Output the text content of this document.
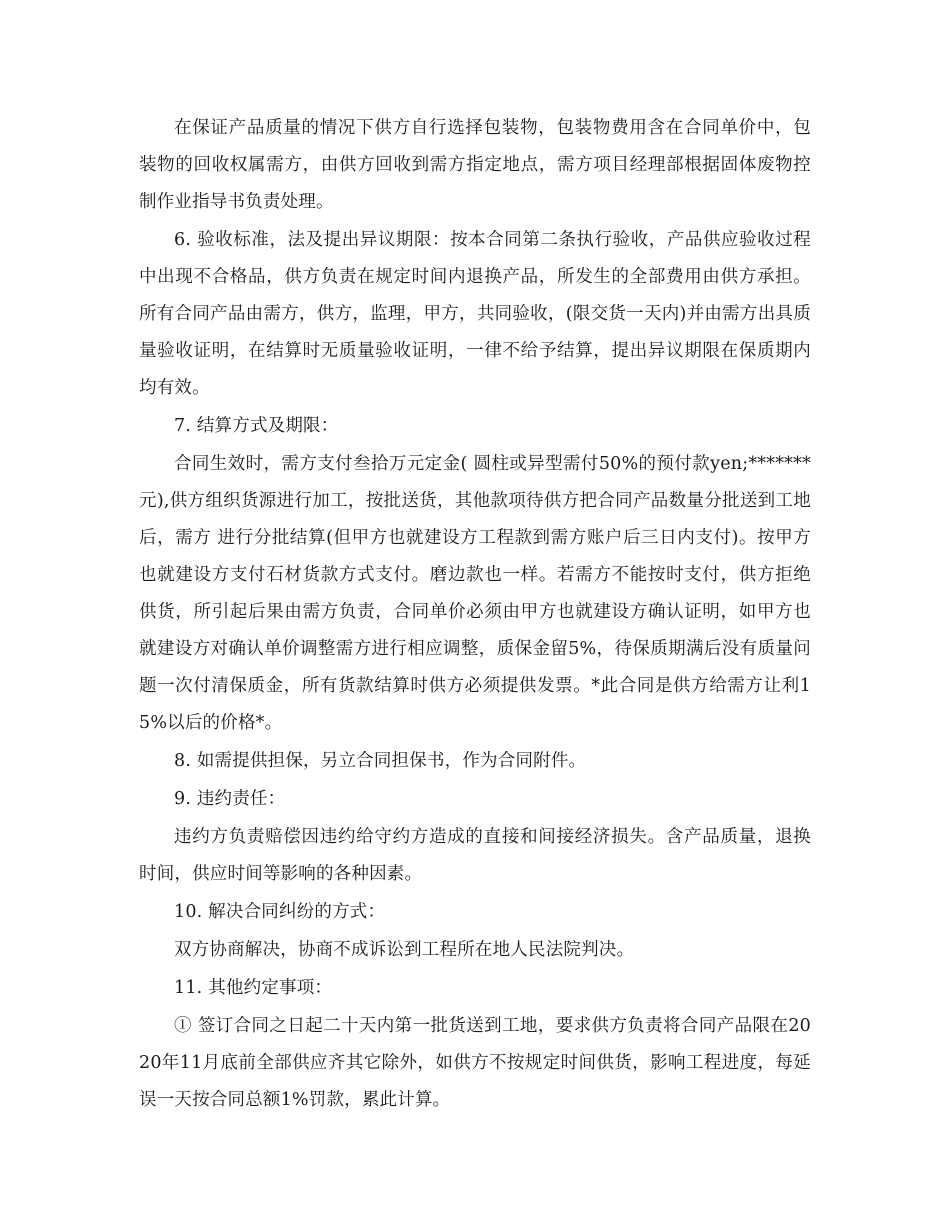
在保证产品质量的情况下供方自行选择包装物，包装物费用含在合同单价中，包装物的回收权属需方，由供方回收到需方指定地点，需方项目经理部根据固体废物控制作业指导书负责处理。

6. 验收标准，法及提出异议期限：按本合同第二条执行验收，产品供应验收过程中出现不合格品，供方负责在规定时间内退换产品，所发生的全部费用由供方承担。所有合同产品由需方，供方，监理，甲方，共同验收，(限交货一天内)并由需方出具质量验收证明，在结算时无质量验收证明，一律不给予结算，提出异议期限在保质期内均有效。

7. 结算方式及期限：

合同生效时，需方支付叁拾万元定金( 圆柱或异型需付50%的预付款yen;*******元),供方组织货源进行加工，按批送货，其他款项待供方把合同产品数量分批送到工地后，需方 进行分批结算(但甲方也就建设方工程款到需方账户后三日内支付)。按甲方也就建设方支付石材货款方式支付。磨边款也一样。若需方不能按时支付，供方拒绝供货，所引起后果由需方负责，合同单价必须由甲方也就建设方确认证明，如甲方也就建设方对确认单价调整需方进行相应调整，质保金留5%，待保质期满后没有质量问题一次付清保质金，所有货款结算时供方必须提供发票。*此合同是供方给需方让利15%以后的价格*。

8. 如需提供担保，另立合同担保书，作为合同附件。

9. 违约责任：

违约方负责赔偿因违约给守约方造成的直接和间接经济损失。含产品质量，退换时间，供应时间等影响的各种因素。

10. 解决合同纠纷的方式：

双方协商解决，协商不成诉讼到工程所在地人民法院判决。

11. 其他约定事项：

① 签订合同之日起二十天内第一批货送到工地，要求供方负责将合同产品限在2020年11月底前全部供应齐其它除外，如供方不按规定时间供货，影响工程进度，每延误一天按合同总额1%罚款，累此计算。
